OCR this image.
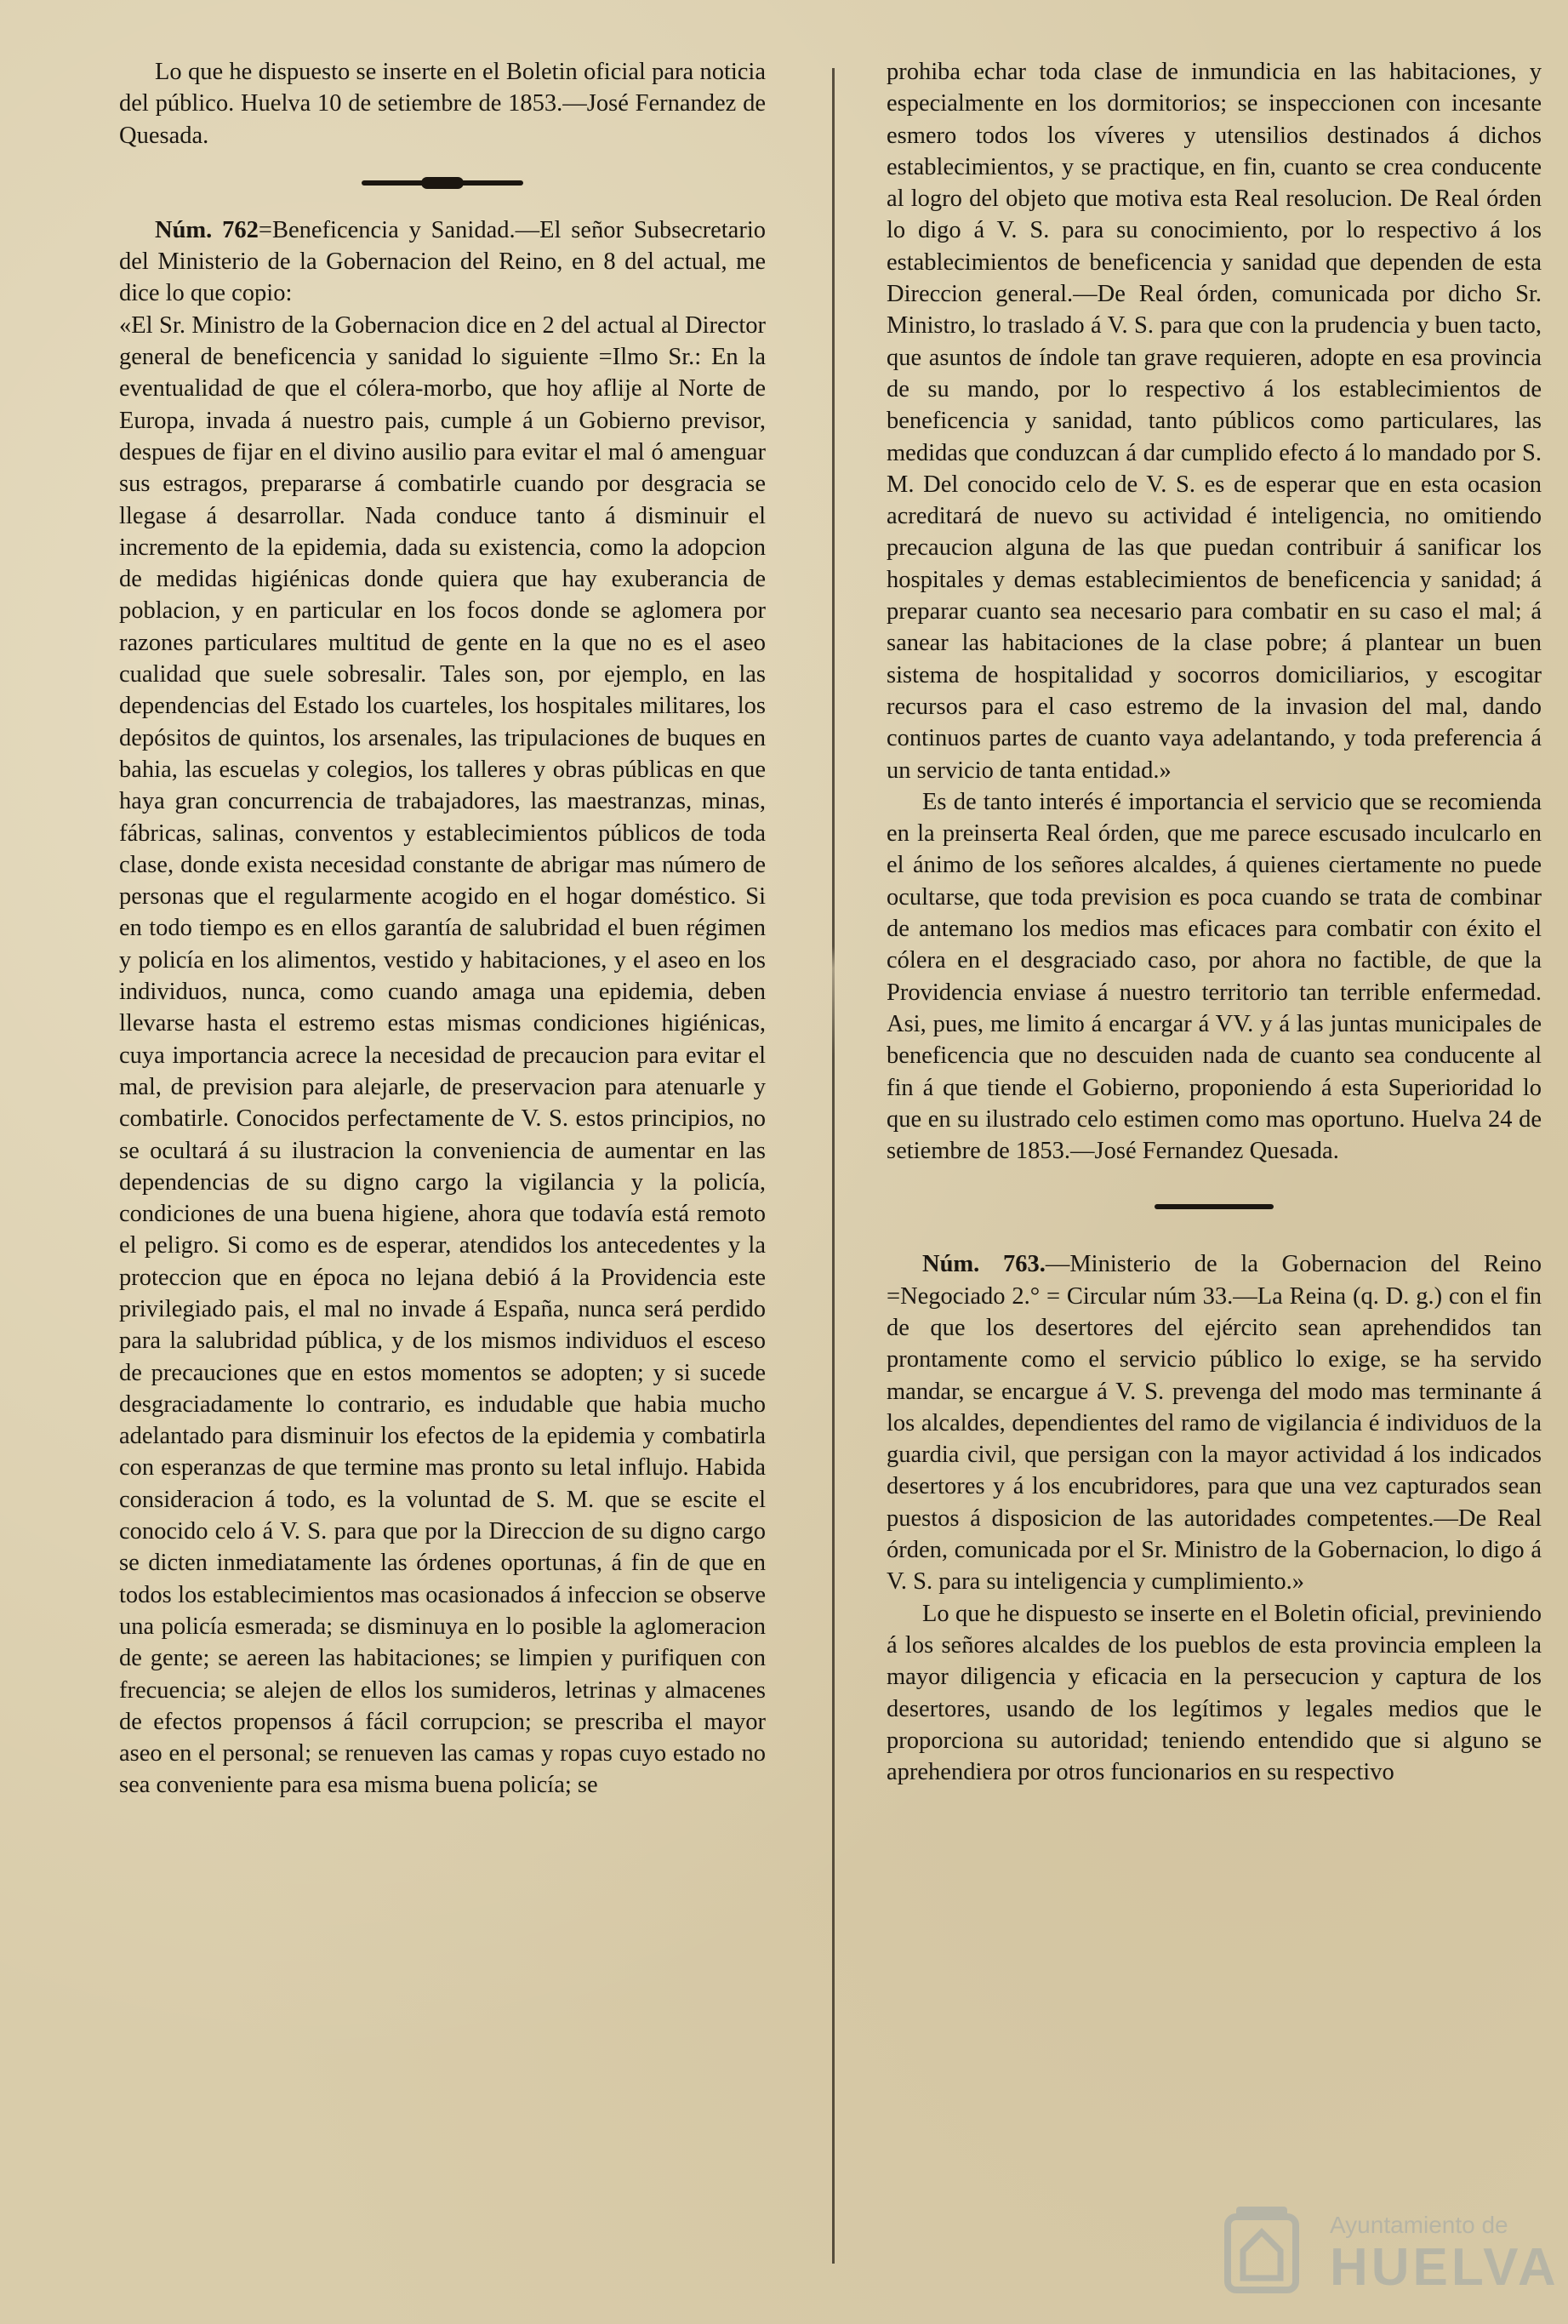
Lo que he dispuesto se inserte en el Boletin oficial para noticia del público. Huelva 10 de setiembre de 1853.—José Fernandez de Quesada.

Núm. 762=Beneficencia y Sanidad.—El señor Subsecretario del Ministerio de la Gobernacion del Reino, en 8 del actual, me dice lo que copio:

«El Sr. Ministro de la Gobernacion dice en 2 del actual al Director general de beneficencia y sanidad lo siguiente =Ilmo Sr.: En la eventualidad de que el cólera-morbo, que hoy aflije al Norte de Europa, invada á nuestro pais, cumple á un Gobierno previsor, despues de fijar en el divino ausilio para evitar el mal ó amenguar sus estragos, prepararse á combatirle cuando por desgracia se llegase á desarrollar. Nada conduce tanto á disminuir el incremento de la epidemia, dada su existencia, como la adopcion de medidas higiénicas donde quiera que hay exuberancia de poblacion, y en particular en los focos donde se aglomera por razones particulares multitud de gente en la que no es el aseo cualidad que suele sobresalir. Tales son, por ejemplo, en las dependencias del Estado los cuarteles, los hospitales militares, los depósitos de quintos, los arsenales, las tripulaciones de buques en bahia, las escuelas y colegios, los talleres y obras públicas en que haya gran concurrencia de trabajadores, las maestranzas, minas, fábricas, salinas, conventos y establecimientos públicos de toda clase, donde exista necesidad constante de abrigar mas número de personas que el regularmente acogido en el hogar doméstico. Si en todo tiempo es en ellos garantía de salubridad el buen régimen y policía en los alimentos, vestido y habitaciones, y el aseo en los individuos, nunca, como cuando amaga una epidemia, deben llevarse hasta el estremo estas mismas condiciones higiénicas, cuya importancia acrece la necesidad de precaucion para evitar el mal, de prevision para alejarle, de preservacion para atenuarle y combatirle. Conocidos perfectamente de V. S. estos principios, no se ocultará á su ilustracion la conveniencia de aumentar en las dependencias de su digno cargo la vigilancia y la policía, condiciones de una buena higiene, ahora que todavía está remoto el peligro. Si como es de esperar, atendidos los antecedentes y la proteccion que en época no lejana debió á la Providencia este privilegiado pais, el mal no invade á España, nunca será perdido para la salubridad pública, y de los mismos individuos el esceso de precauciones que en estos momentos se adopten; y si sucede desgraciadamente lo contrario, es indudable que habia mucho adelantado para disminuir los efectos de la epidemia y combatirla con esperanzas de que termine mas pronto su letal influjo. Habida consideracion á todo, es la voluntad de S. M. que se escite el conocido celo á V. S. para que por la Direccion de su digno cargo se dicten inmediatamente las órdenes oportunas, á fin de que en todos los establecimientos mas ocasionados á infeccion se observe una policía esmerada; se disminuya en lo posible la aglomeracion de gente; se aereen las habitaciones; se limpien y purifiquen con frecuencia; se alejen de ellos los sumideros, letrinas y almacenes de efectos propensos á fácil corrupcion; se prescriba el mayor aseo en el personal; se renueven las camas y ropas cuyo estado no sea conveniente para esa misma buena policía; se

prohiba echar toda clase de inmundicia en las habitaciones, y especialmente en los dormitorios; se inspeccionen con incesante esmero todos los víveres y utensilios destinados á dichos establecimientos, y se practique, en fin, cuanto se crea conducente al logro del objeto que motiva esta Real resolucion. De Real órden lo digo á V. S. para su conocimiento, por lo respectivo á los establecimientos de beneficencia y sanidad que dependen de esta Direccion general.—De Real órden, comunicada por dicho Sr. Ministro, lo traslado á V. S. para que con la prudencia y buen tacto, que asuntos de índole tan grave requieren, adopte en esa provincia de su mando, por lo respectivo á los establecimientos de beneficencia y sanidad, tanto públicos como particulares, las medidas que conduzcan á dar cumplido efecto á lo mandado por S. M. Del conocido celo de V. S. es de esperar que en esta ocasion acreditará de nuevo su actividad é inteligencia, no omitiendo precaucion alguna de las que puedan contribuir á sanificar los hospitales y demas establecimientos de beneficencia y sanidad; á preparar cuanto sea necesario para combatir en su caso el mal; á sanear las habitaciones de la clase pobre; á plantear un buen sistema de hospitalidad y socorros domiciliarios, y escogitar recursos para el caso estremo de la invasion del mal, dando continuos partes de cuanto vaya adelantando, y toda preferencia á un servicio de tanta entidad.»

Es de tanto interés é importancia el servicio que se recomienda en la preinserta Real órden, que me parece escusado inculcarlo en el ánimo de los señores alcaldes, á quienes ciertamente no puede ocultarse, que toda prevision es poca cuando se trata de combinar de antemano los medios mas eficaces para combatir con éxito el cólera en el desgraciado caso, por ahora no factible, de que la Providencia enviase á nuestro territorio tan terrible enfermedad. Asi, pues, me limito á encargar á VV. y á las juntas municipales de beneficencia que no descuiden nada de cuanto sea conducente al fin á que tiende el Gobierno, proponiendo á esta Superioridad lo que en su ilustrado celo estimen como mas oportuno. Huelva 24 de setiembre de 1853.—José Fernandez Quesada.

Núm. 763.—Ministerio de la Gobernacion del Reino =Negociado 2.° = Circular núm 33.—La Reina (q. D. g.) con el fin de que los desertores del ejército sean aprehendidos tan prontamente como el servicio público lo exige, se ha servido mandar, se encargue á V. S. prevenga del modo mas terminante á los alcaldes, dependientes del ramo de vigilancia é individuos de la guardia civil, que persigan con la mayor actividad á los indicados desertores y á los encubridores, para que una vez capturados sean puestos á disposicion de las autoridades competentes.—De Real órden, comunicada por el Sr. Ministro de la Gobernacion, lo digo á V. S. para su inteligencia y cumplimiento.»

Lo que he dispuesto se inserte en el Boletin oficial, previniendo á los señores alcaldes de los pueblos de esta provincia empleen la mayor diligencia y eficacia en la persecucion y captura de los desertores, usando de los legítimos y legales medios que le proporciona su autoridad; teniendo entendido que si alguno se aprehendiera por otros funcionarios en su respectivo

Ayuntamiento de
HUELVA
